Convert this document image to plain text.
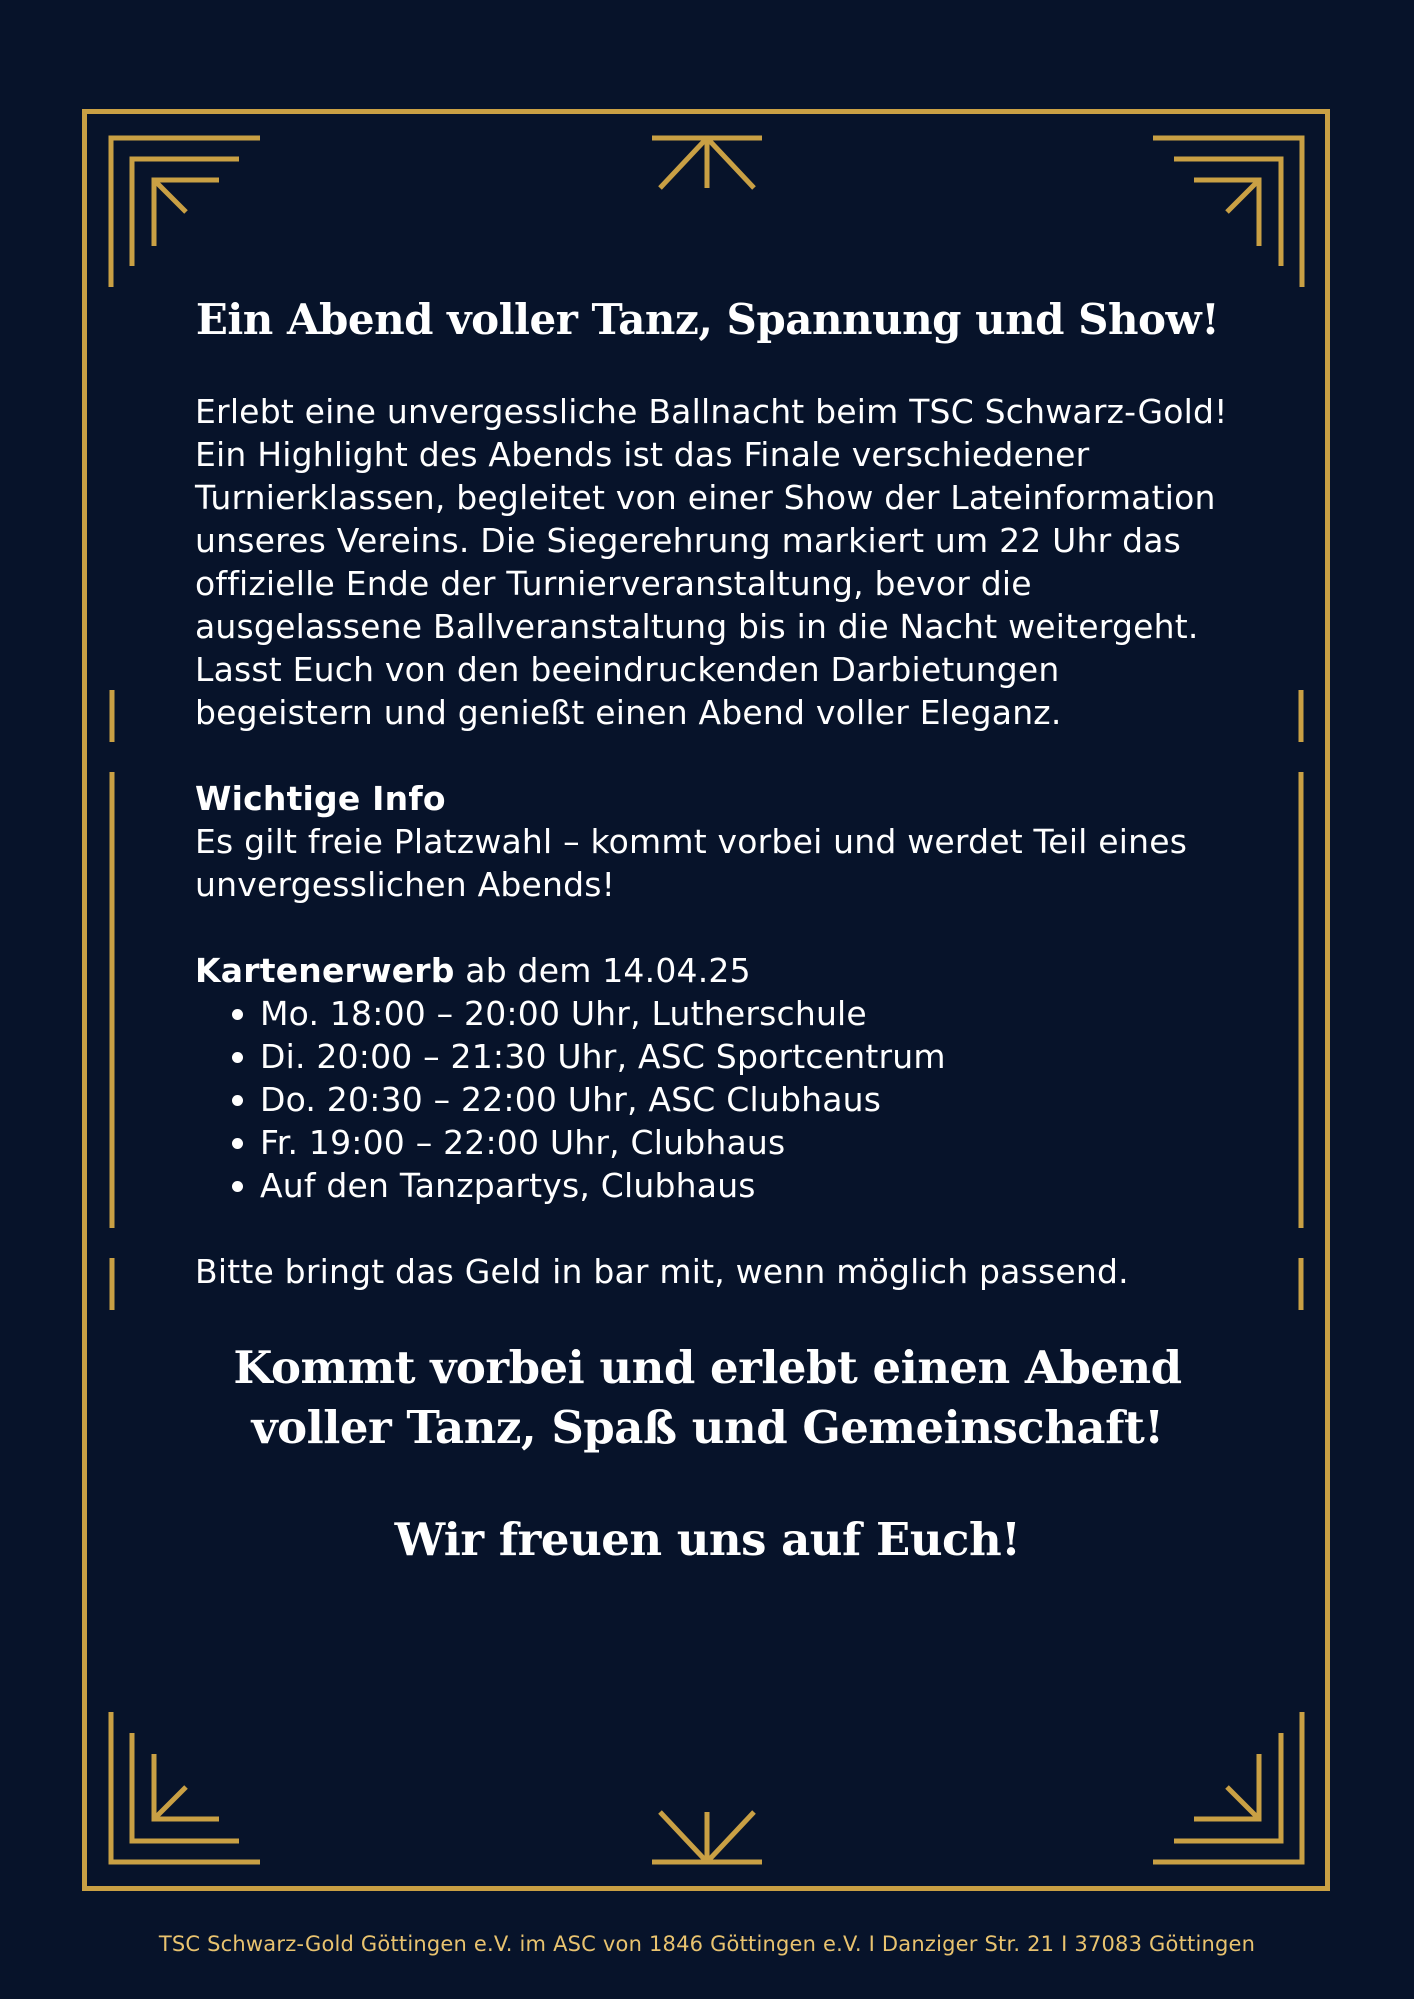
Ein Abend voller Tanz, Spannung und Show!
Erlebt eine unvergessliche Ballnacht beim TSC Schwarz-Gold! Ein Highlight des Abends ist das Finale verschiedener Turnierklassen, begleitet von einer Show der Lateinformation unseres Vereins. Die Siegerehrung markiert um 22 Uhr das offizielle Ende der Turnierveranstaltung, bevor die ausgelassene Ballveranstaltung bis in die Nacht weitergeht.
Lasst Euch von den beeindruckenden Darbietungen begeistern und genießt einen Abend voller Eleganz.
Wichtige Info
Es gilt freie Platzwahl – kommt vorbei und werdet Teil eines unvergesslichen Abends!
Kartenerwerb ab dem 14.04.25
Mo. 18:00 – 20:00 Uhr, Lutherschule
Di. 20:00 – 21:30 Uhr, ASC Sportcentrum
Do. 20:30 – 22:00 Uhr, ASC Clubhaus
Fr. 19:00 – 22:00 Uhr, Clubhaus
Auf den Tanzpartys, Clubhaus
Bitte bringt das Geld in bar mit, wenn möglich passend.
Kommt vorbei und erlebt einen Abend
voller Tanz, Spaß und Gemeinschaft!
Wir freuen uns auf Euch!
TSC Schwarz-Gold Göttingen e.V. im ASC von 1846 Göttingen e.V. I Danziger Str. 21 I 37083 Göttingen
